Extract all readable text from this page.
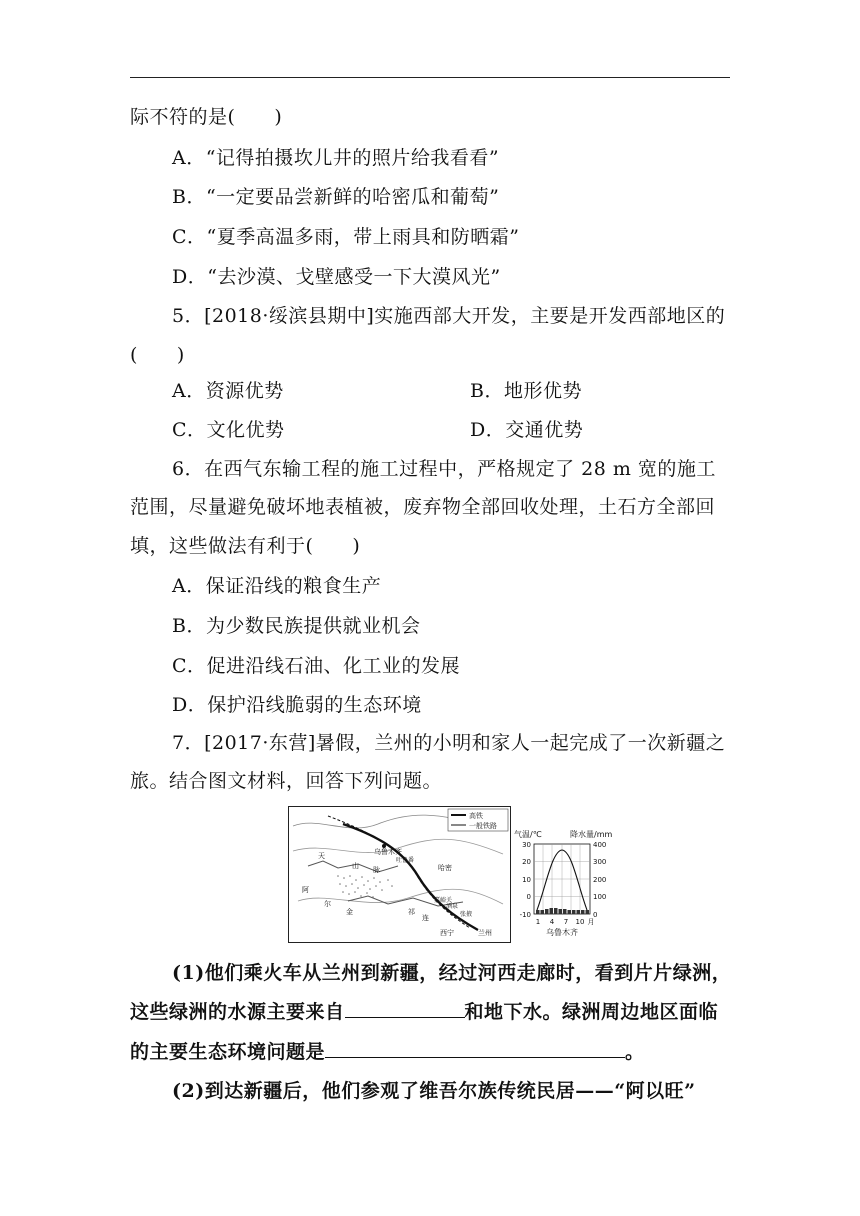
际不符的是(　　)
A．“记得拍摄坎儿井的照片给我看看”
B．“一定要品尝新鲜的哈密瓜和葡萄”
C．“夏季高温多雨，带上雨具和防晒霜”
D．“去沙漠、戈壁感受一下大漠风光”
5．[2018·绥滨县期中]实施西部大开发，主要是开发西部地区的
(　　)
A．资源优势	B．地形优势
C．文化优势	D．交通优势
6．在西气东输工程的施工过程中，严格规定了 28 m 宽的施工
范围，尽量避免破坏地表植被，废弃物全部回收处理，土石方全部回
填，这些做法有利于(　　)
A．保证沿线的粮食生产
B．为少数民族提供就业机会
C．促进沿线石油、化工业的发展
D．保护沿线脆弱的生态环境
7．[2017·东营]暑假，兰州的小明和家人一起完成了一次新疆之
旅。结合图文材料，回答下列问题。
高铁
一般铁路
乌鲁木齐
吐鲁番
哈密
西宁	兰州
酒泉
嘉峪关
张掖
天
山 脉
阿
尔
金	祁
连
气温/℃	降水量/mm
30
20
10
0
-10
400
300
200
100
0
1 4 7 10 月
乌鲁木齐
(1)他们乘火车从兰州到新疆，经过河西走廊时，看到片片绿洲，
这些绿洲的水源主要来自	和地下水。绿洲周边地区面临
的主要生态环境问题是	。
(2)到达新疆后，他们参观了维吾尔族传统民居——“阿以旺”
